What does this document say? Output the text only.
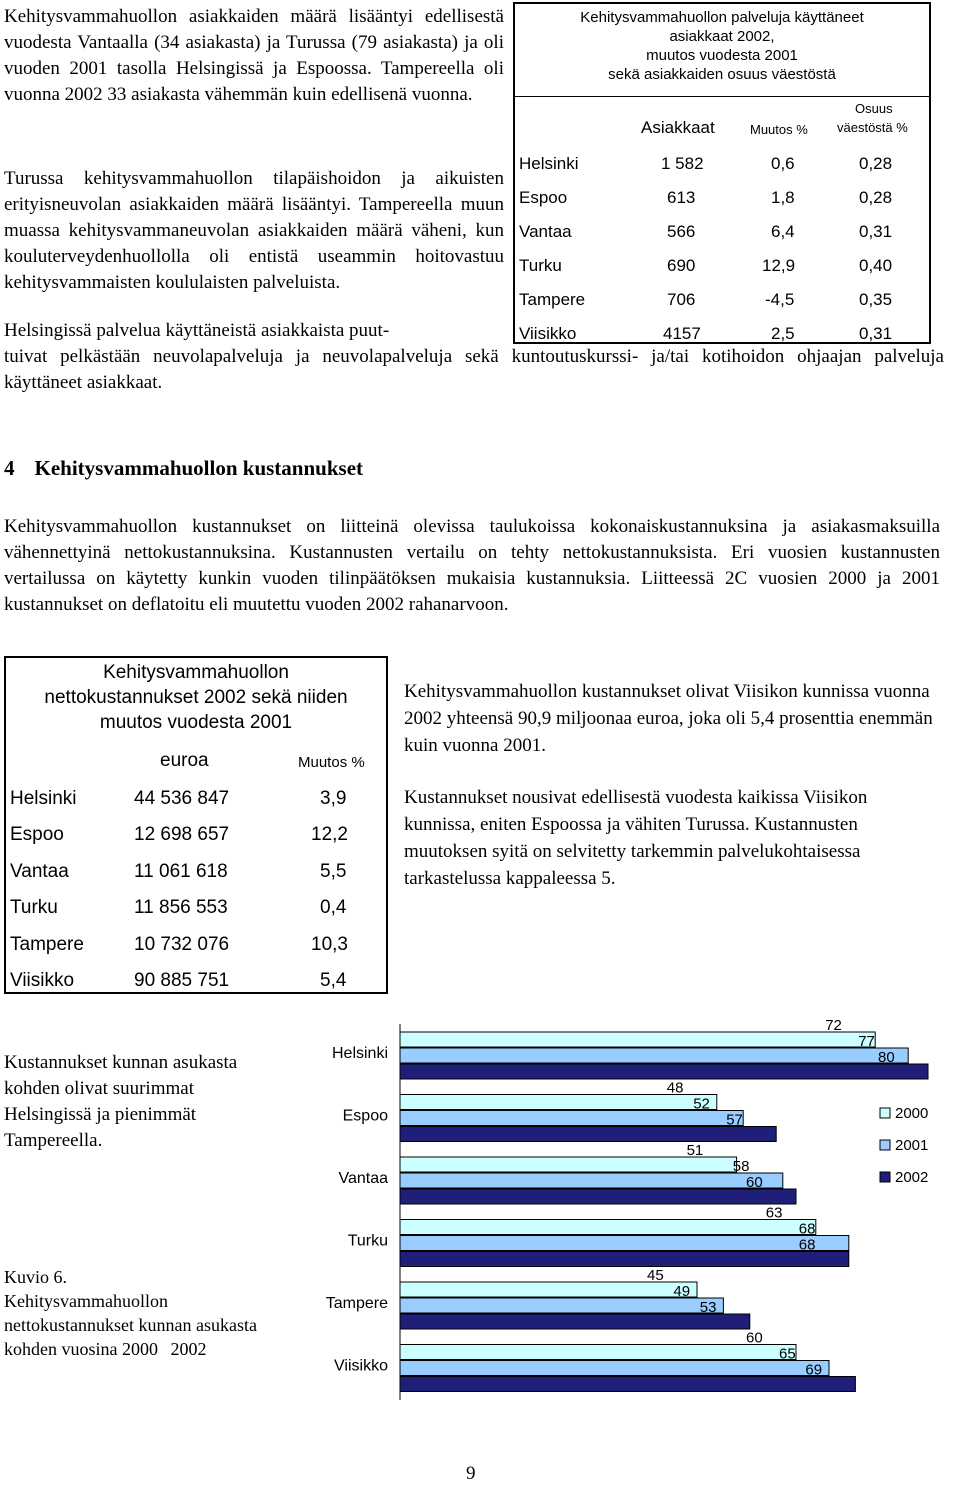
Kehitysvammahuollon asiakkaiden määrä lisääntyi edellisestä vuodesta Vantaalla (34 asiakasta) ja Turussa (79 asiakasta) ja oli vuoden 2001 tasolla Helsingissä ja Espoossa. Tampereella oli vuonna 2002 33 asiakasta vähemmän kuin edellisenä vuonna.
Turussa kehitysvammahuollon tilapäishoidon ja aikuisten erityisneuvolan asiakkaiden määrä lisääntyi. Tampereella muun muassa kehitysvammaneuvolan asiakkaiden määrä väheni, kun kouluterveydenhuollolla oli entistä useammin hoitovastuu kehitysvammaisten koululaisten palveluista.
Helsingissä palvelua käyttäneistä asiakkaista puut-
tuivat pelkästään neuvolapalveluja ja neuvolapalveluja sekä kuntoutuskurssi- ja/tai kotihoidon ohjaajan palveluja käyttäneet asiakkaat.
Kehitysvammahuollon palveluja käyttäneet
asiakkaat 2002,
muutos vuodesta 2001
sekä asiakkaiden osuus väestöstä
Asiakkaat	Muutos %
Osuus
väestöstä %
Helsinki	1 582	0,6	0,28
Espoo	613	1,8	0,28
Vantaa	566	6,4	0,31
Turku	690	12,9	0,40
Tampere	706	-4,5	0,35
Viisikko	4157	2,5	0,31
4 Kehitysvammahuollon kustannukset
Kehitysvammahuollon kustannukset on liitteinä olevissa taulukoissa kokonaiskustannuksina ja asiakasmaksuilla vähennettyinä nettokustannuksina. Kustannusten vertailu on tehty nettokustannuksista. Eri vuosien kustannusten vertailussa on käytetty kunkin vuoden tilinpäätöksen mukaisia kustannuksia. Liitteessä 2C vuosien 2000 ja 2001 kustannukset on deflatoitu eli muutettu vuoden 2002 rahanarvoon.
Kehitysvammahuollon
nettokustannukset 2002 sekä niiden
muutos vuodesta 2001
euroa	Muutos %
Helsinki	44 536 847	3,9
Espoo	12 698 657	12,2
Vantaa	11 061 618	5,5
Turku	11 856 553	0,4
Tampere	10 732 076	10,3
Viisikko	90 885 751	5,4
Kehitysvammahuollon kustannukset olivat Viisikon kunnissa vuonna 2002 yhteensä 90,9 miljoonaa euroa, joka oli 5,4 prosenttia enemmän kuin vuonna 2001.
Kustannukset nousivat edellisestä vuodesta kaikissa Viisikon kunnissa, eniten Espoossa ja vähiten Turussa. Kustannusten muutoksen syitä on selvitetty tarkemmin palvelukohtaisessa tarkastelussa kappaleessa 5.
Kustannukset kunnan asukasta kohden olivat suurimmat Helsingissä ja pienimmät Tampereella.
Kuvio 6.
Kehitysvammahuollon nettokustannukset kunnan asukasta kohden vuosina 2000 2002
Helsinki
72
77
80
Espoo
48
52
57
Vantaa
51
58
60
Turku
63
68
68
Tampere
45
49
53
Viisikko
60
65
69
2000
2001
2002
9
